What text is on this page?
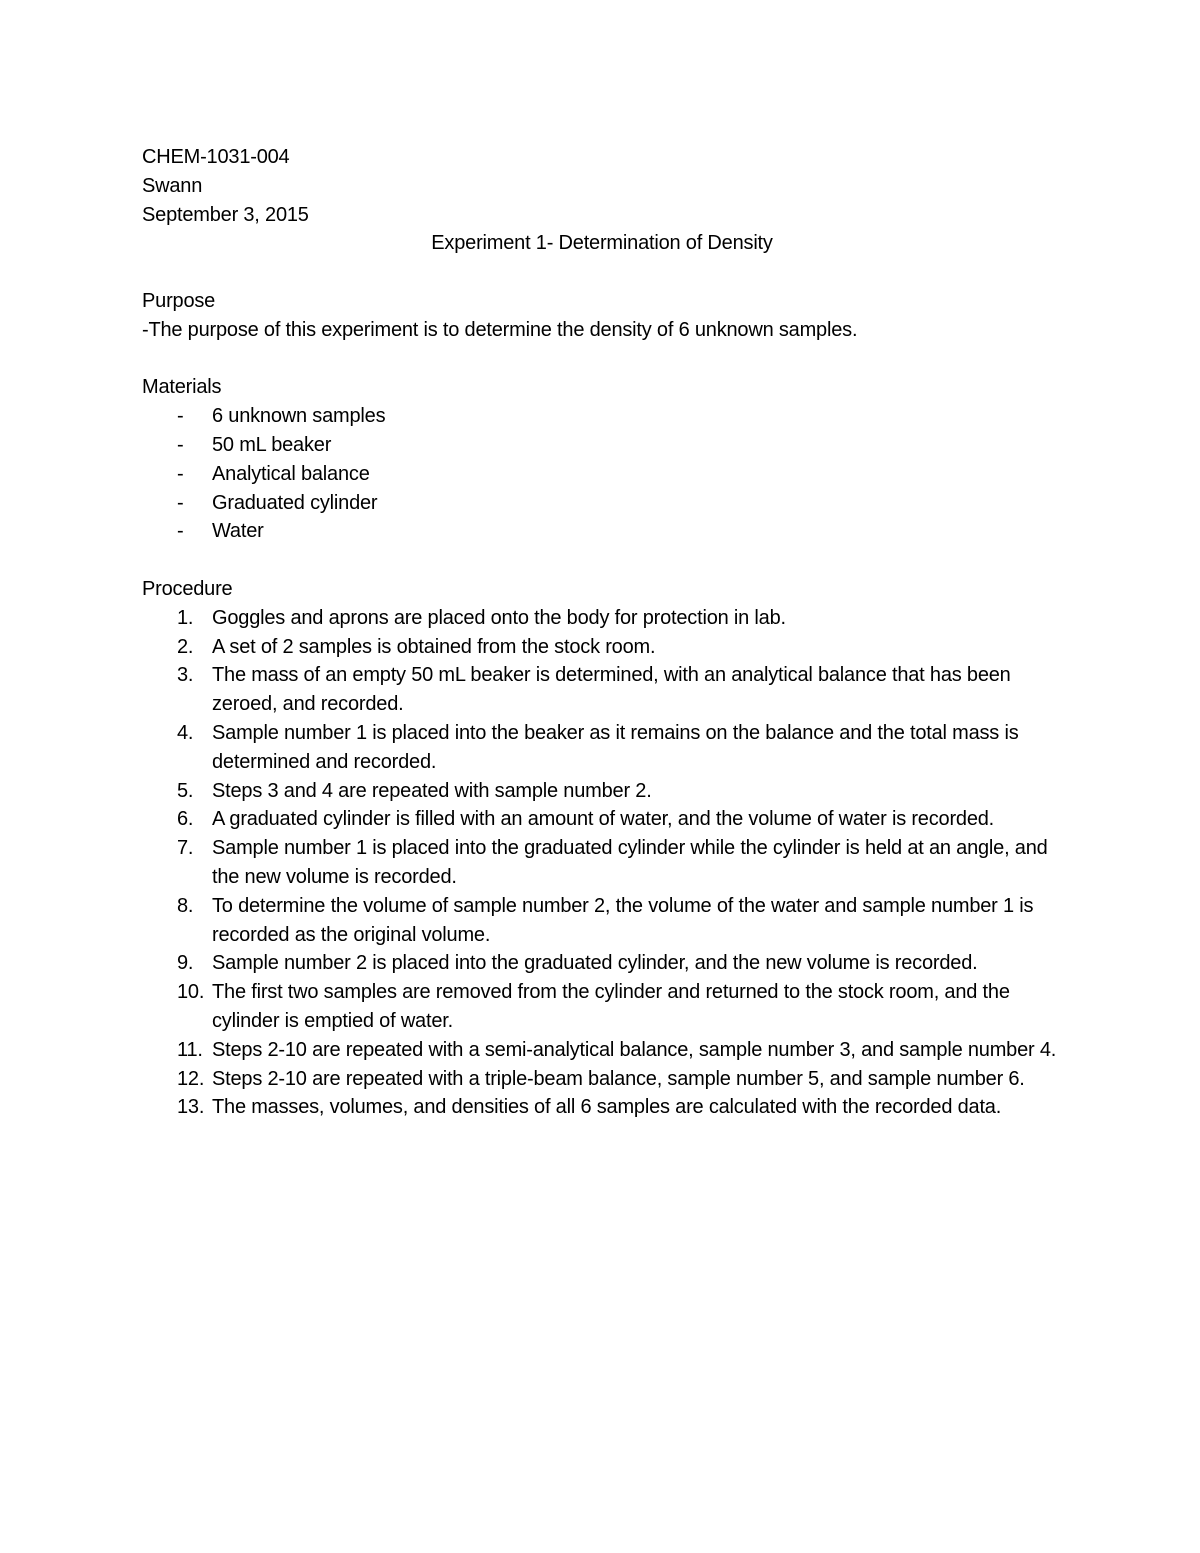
CHEM-1031-004
Swann
September 3, 2015
Experiment 1- Determination of Density
Purpose
-The purpose of this experiment is to determine the density of 6 unknown samples.
Materials
- 6 unknown samples
- 50 mL beaker
- Analytical balance
- Graduated cylinder
- Water
Procedure
1. Goggles and aprons are placed onto the body for protection in lab.
2. A set of 2 samples is obtained from the stock room.
3. The mass of an empty 50 mL beaker is determined, with an analytical balance that has been zeroed, and recorded.
4. Sample number 1 is placed into the beaker as it remains on the balance and the total mass is determined and recorded.
5. Steps 3 and 4 are repeated with sample number 2.
6. A graduated cylinder is filled with an amount of water, and the volume of water is recorded.
7. Sample number 1 is placed into the graduated cylinder while the cylinder is held at an angle, and the new volume is recorded.
8. To determine the volume of sample number 2, the volume of the water and sample number 1 is recorded as the original volume.
9. Sample number 2 is placed into the graduated cylinder, and the new volume is recorded.
10. The first two samples are removed from the cylinder and returned to the stock room, and the cylinder is emptied of water.
11. Steps 2-10 are repeated with a semi-analytical balance, sample number 3, and sample number 4.
12. Steps 2-10 are repeated with a triple-beam balance, sample number 5, and sample number 6.
13. The masses, volumes, and densities of all 6 samples are calculated with the recorded data.
